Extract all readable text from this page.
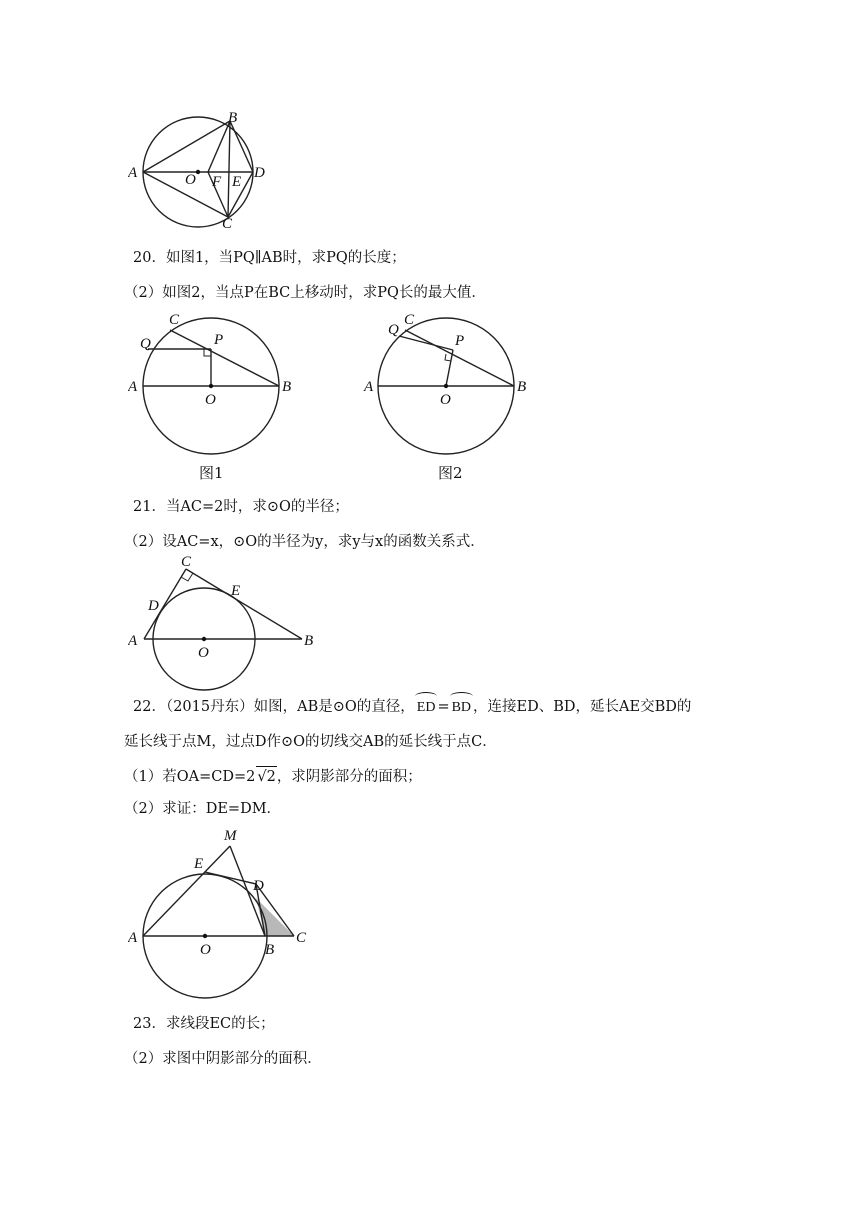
A
B
C
D
O F E
20．如图1，当PQ∥AB时，求PQ的长度；
（2）如图2，当点P在BC上移动时，求PQ长的最大值．
C
Q	P
A
O
B
图1
Q
C
P
A
O
B
图2
21．当AC=2时，求⊙O的半径；
（2）设AC=x，⊙O的半径为y，求y与x的函数关系式．
C
D
E
A
O
B
22．（2015丹东）如图，AB是⊙O的直径， ED = BD ，连接ED、BD，延长AE交BD的
延长线于点M，过点D作⊙O的切线交AB的延长线于点C．
（1）若OA=CD=2 √2，求阴影部分的面积；
（2）求证：DE=DM．
M
E
D
A
O	B
C
23．求线段EC的长；
（2）求图中阴影部分的面积．
